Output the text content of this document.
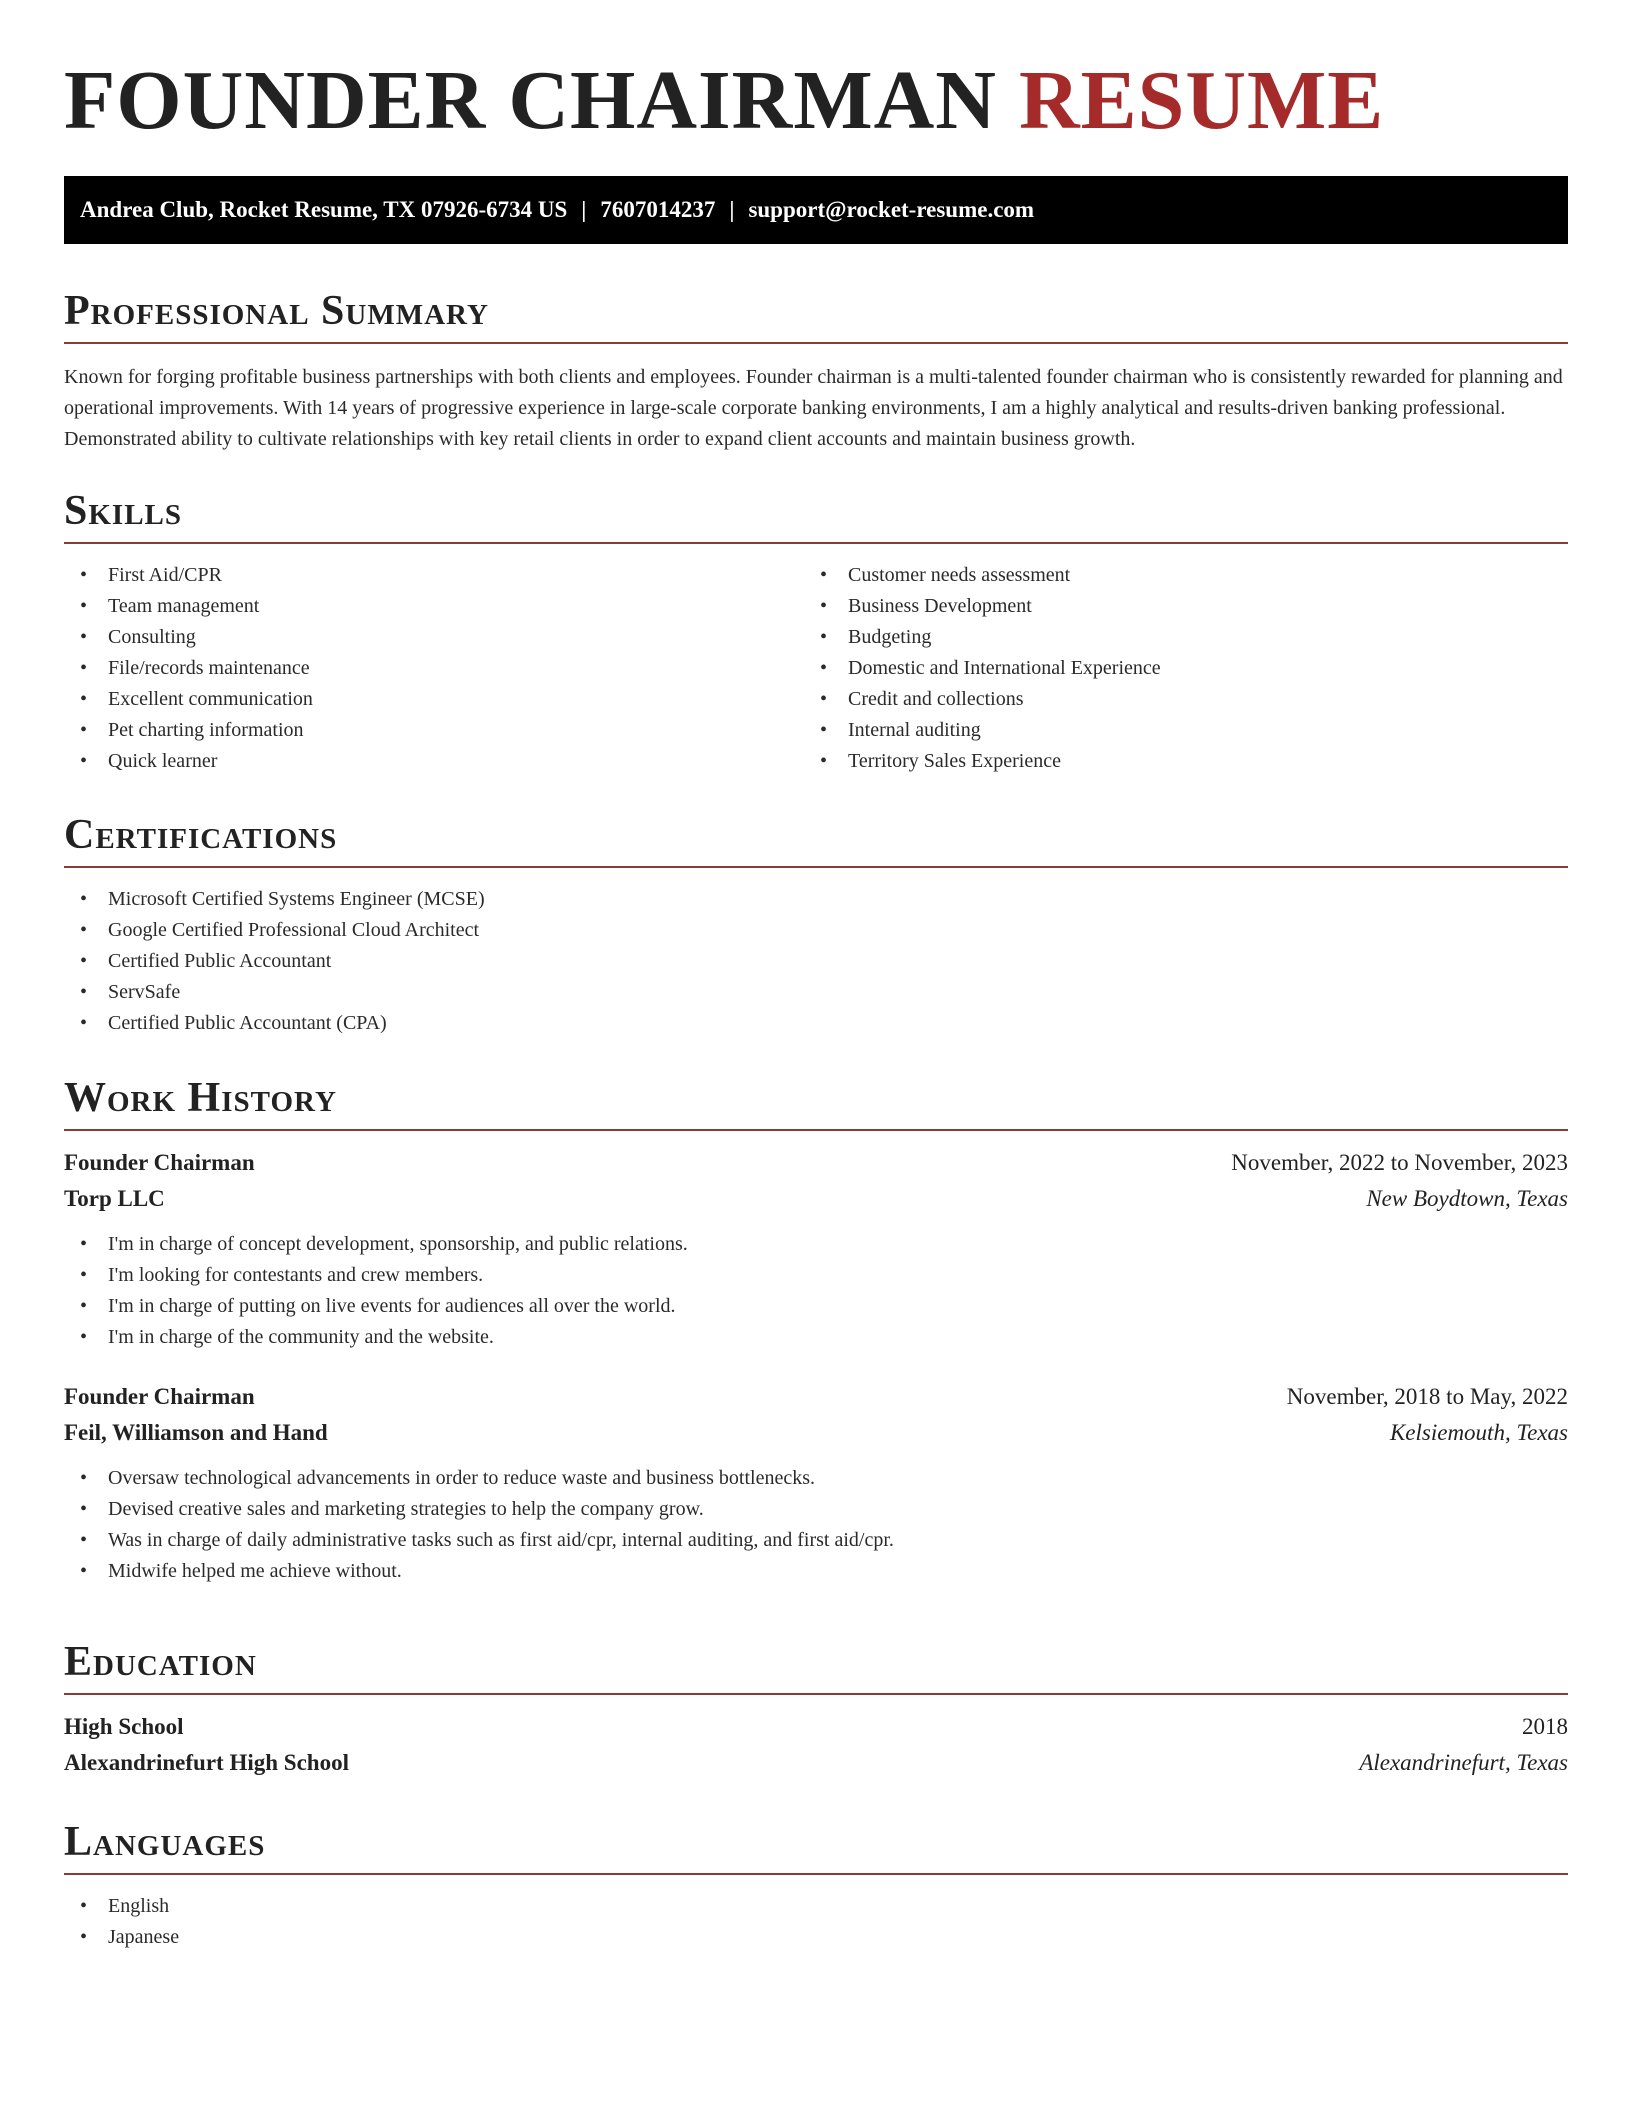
FOUNDER CHAIRMAN RESUME
Andrea Club, Rocket Resume, TX 07926-6734 US | 7607014237 | support@rocket-resume.com
Professional Summary

Known for forging profitable business partnerships with both clients and employees. Founder chairman is a multi-talented founder chairman who is consistently rewarded for planning and operational improvements. With 14 years of progressive experience in large-scale corporate banking environments, I am a highly analytical and results-driven banking professional. Demonstrated ability to cultivate relationships with key retail clients in order to expand client accounts and maintain business growth.

Skills
• First Aid/CPR
• Team management
• Consulting
• File/records maintenance
• Excellent communication
• Pet charting information
• Quick learner
• Customer needs assessment
• Business Development
• Budgeting
• Domestic and International Experience
• Credit and collections
• Internal auditing
• Territory Sales Experience
Certifications
• Microsoft Certified Systems Engineer (MCSE)
• Google Certified Professional Cloud Architect
• Certified Public Accountant
• ServSafe
• Certified Public Accountant (CPA)
Work History
Founder Chairman	November, 2022 to November, 2023
Torp LLC	New Boydtown, Texas
• I'm in charge of concept development, sponsorship, and public relations.
• I'm looking for contestants and crew members.
• I'm in charge of putting on live events for audiences all over the world.
• I'm in charge of the community and the website.
Founder Chairman	November, 2018 to May, 2022
Feil, Williamson and Hand	Kelsiemouth, Texas
• Oversaw technological advancements in order to reduce waste and business bottlenecks.
• Devised creative sales and marketing strategies to help the company grow.
• Was in charge of daily administrative tasks such as first aid/cpr, internal auditing, and first aid/cpr.
• Midwife helped me achieve without.
Education
High School	2018
Alexandrinefurt High School	Alexandrinefurt, Texas
Languages
• English
• Japanese
